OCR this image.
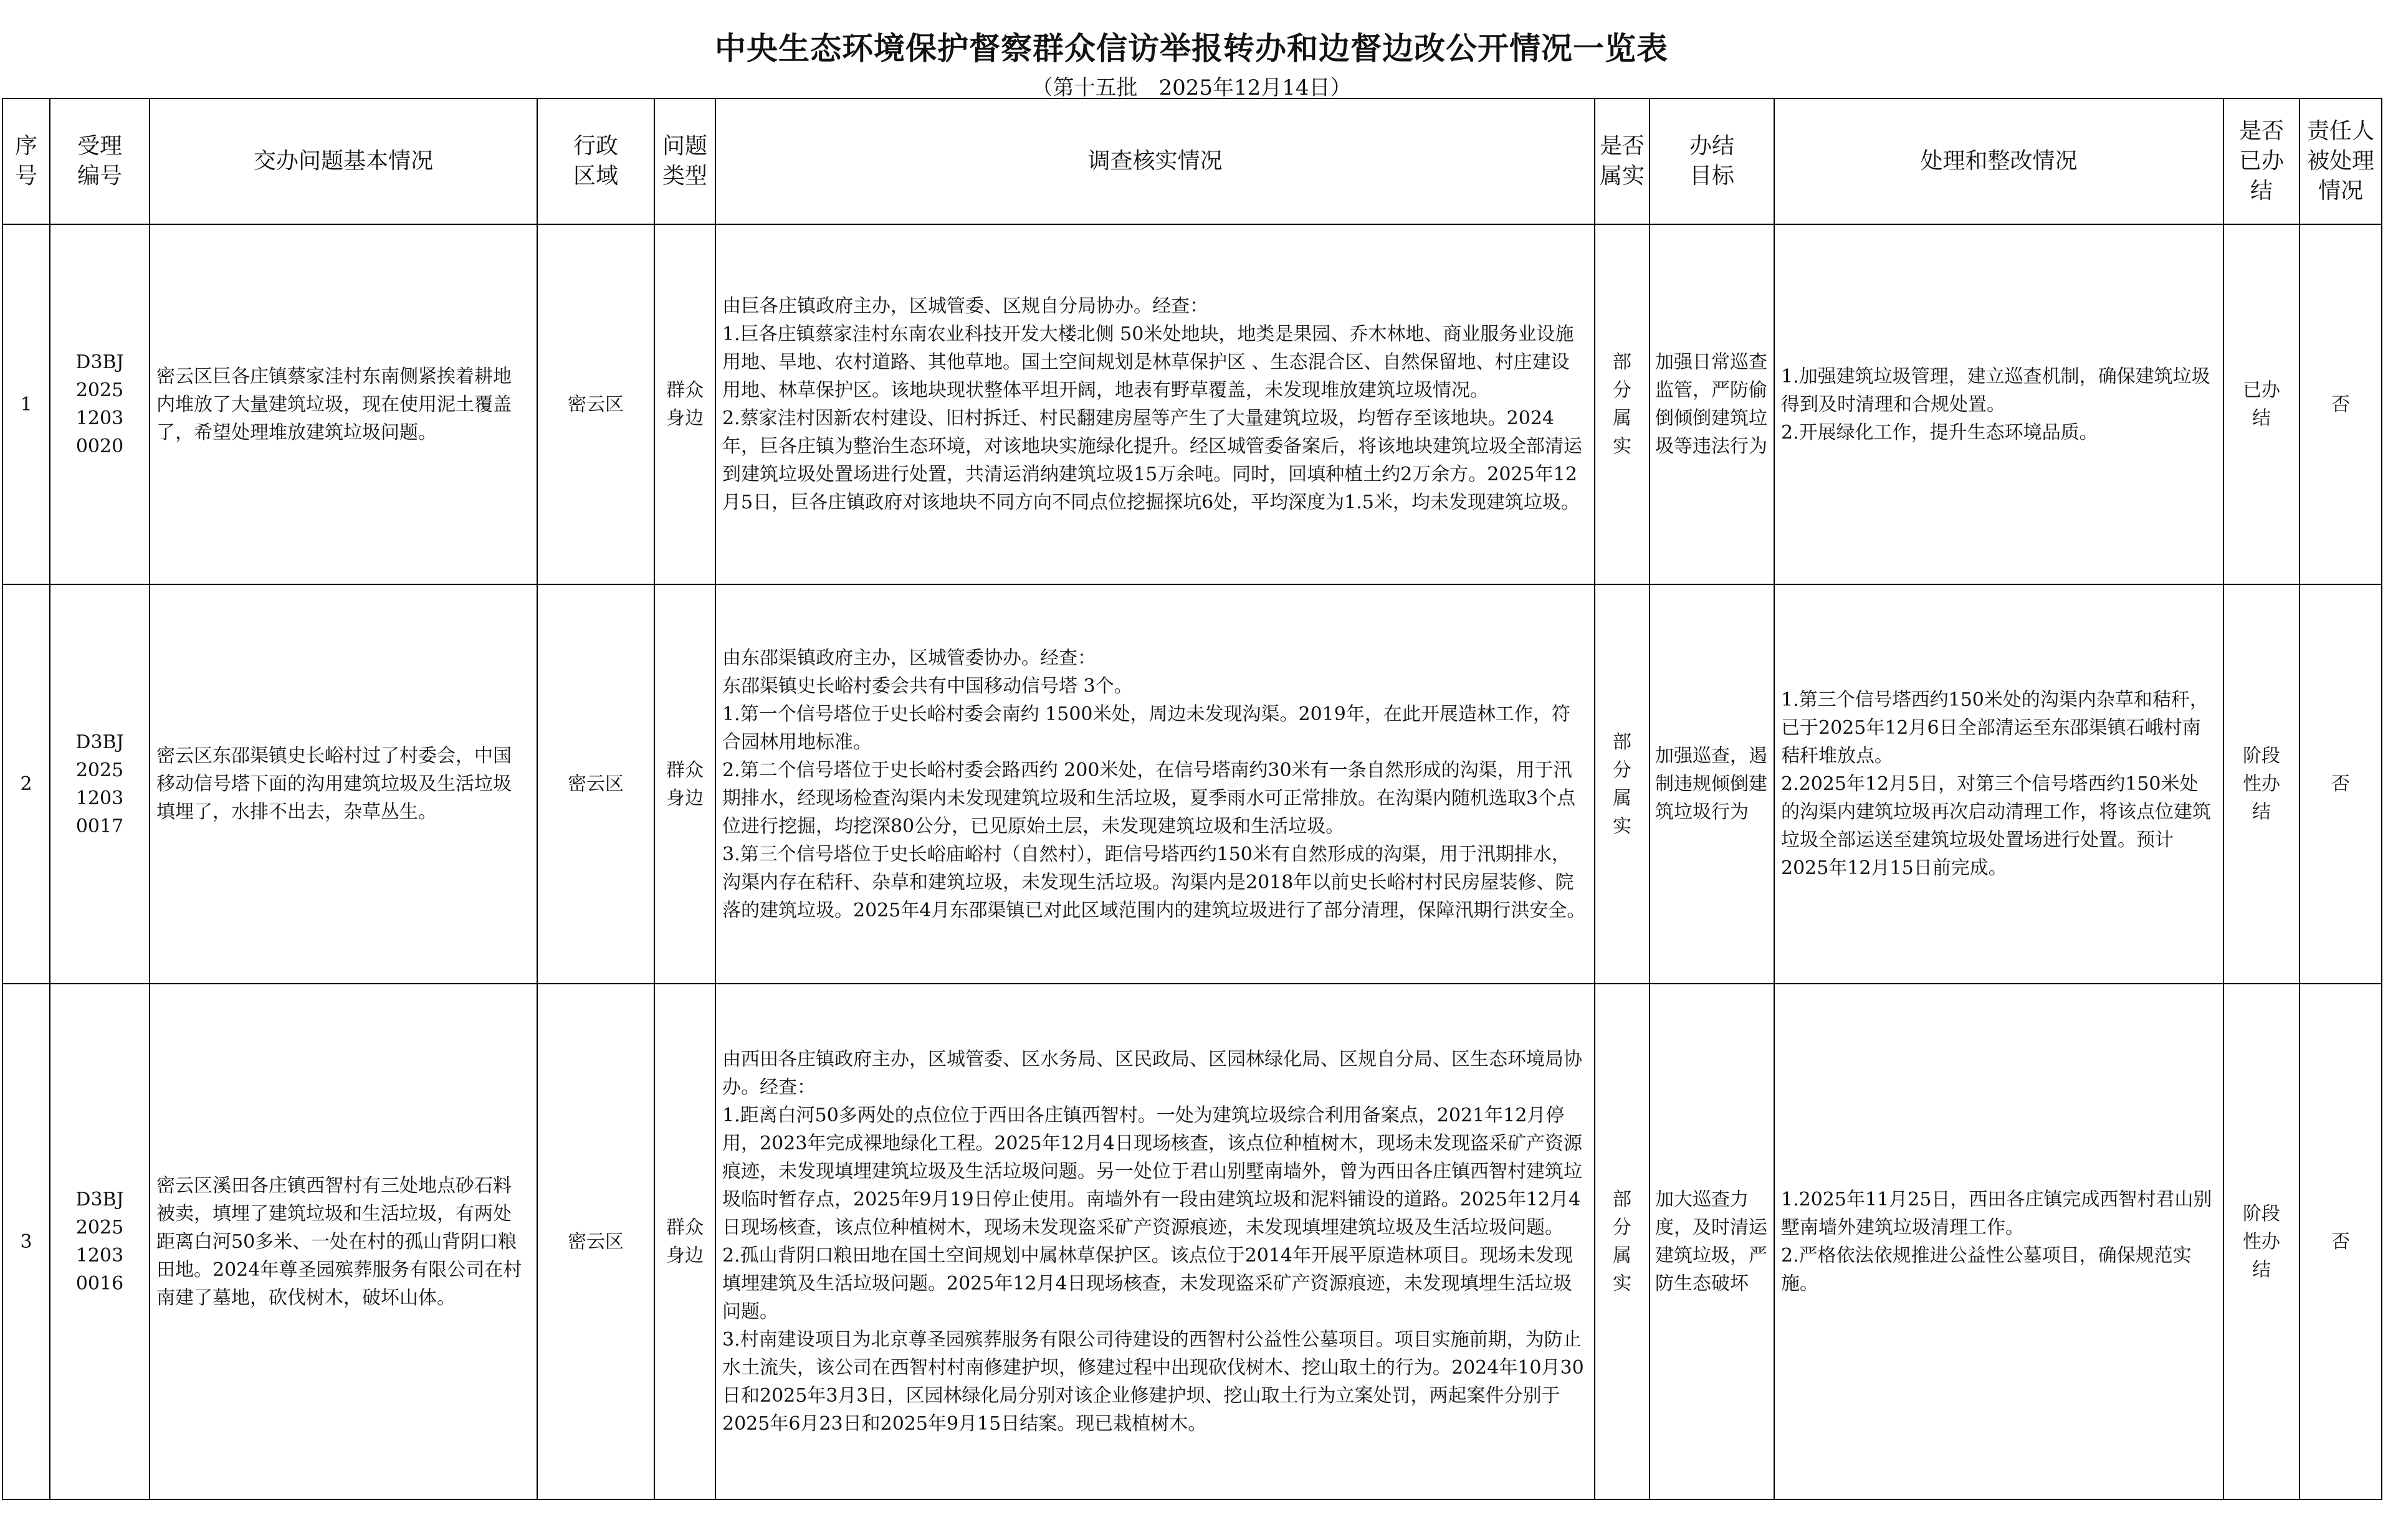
中央生态环境保护督察群众信访举报转办和边督边改公开情况一览表
（第十五批　2025年12月14日）
序号	受理编号	交办问题基本情况	行政区域	问题类型	调查核实情况	是否属实	办结目标	处理和整改情况	是否已办结	责任人被处理情况
1	D3BJ20251203 0020	密云区巨各庄镇蔡家洼村东南侧紧挨着耕地内堆放了大量建筑垃圾，现在使用泥土覆盖了，希望处理堆放建筑垃圾问题。	密云区	群众身边	由巨各庄镇政府主办，区城管委、区规自分局协办。经查：
1.巨各庄镇蔡家洼村东南农业科技开发大楼北侧 50米处地块，地类是果园、乔木林地、商业服务业设施用地、旱地、农村道路、其他草地。国土空间规划是林草保护区 、生态混合区、自然保留地、村庄建设用地、林草保护区。该地块现状整体平坦开阔，地表有野草覆盖，未发现堆放建筑垃圾情况。
2.蔡家洼村因新农村建设、旧村拆迁、村民翻建房屋等产生了大量建筑垃圾，均暂存至该地块。2024年，巨各庄镇为整治生态环境，对该地块实施绿化提升。经区城管委备案后，将该地块建筑垃圾全部清运到建筑垃圾处置场进行处置，共清运消纳建筑垃圾15万余吨。同时，回填种植土约2万余方。2025年12月5日，巨各庄镇政府对该地块不同方向不同点位挖掘探坑6处，平均深度为1.5米，均未发现建筑垃圾。	部分属实	加强日常巡查监管，严防偷倒倾倒建筑垃圾等违法行为	1.加强建筑垃圾管理，建立巡查机制，确保建筑垃圾得到及时清理和合规处置。
2.开展绿化工作，提升生态环境品质。	已办结	否
2	D3BJ20251203 0017	密云区东邵渠镇史长峪村过了村委会，中国移动信号塔下面的沟用建筑垃圾及生活垃圾填埋了，水排不出去，杂草丛生。	密云区	群众身边	由东邵渠镇政府主办，区城管委协办。经查：
东邵渠镇史长峪村委会共有中国移动信号塔 3个。
1.第一个信号塔位于史长峪村委会南约 1500米处，周边未发现沟渠。2019年，在此开展造林工作，符合园林用地标准。
2.第二个信号塔位于史长峪村委会路西约 200米处，在信号塔南约30米有一条自然形成的沟渠，用于汛期排水，经现场检查沟渠内未发现建筑垃圾和生活垃圾，夏季雨水可正常排放。在沟渠内随机选取3个点位进行挖掘，均挖深80公分，已见原始土层，未发现建筑垃圾和生活垃圾。
3.第三个信号塔位于史长峪庙峪村（自然村），距信号塔西约150米有自然形成的沟渠，用于汛期排水，沟渠内存在秸秆、杂草和建筑垃圾，未发现生活垃圾。沟渠内是2018年以前史长峪村村民房屋装修、院落的建筑垃圾。2025年4月东邵渠镇已对此区域范围内的建筑垃圾进行了部分清理，保障汛期行洪安全。	部分属实	加强巡查，遏制违规倾倒建筑垃圾行为	1.第三个信号塔西约150米处的沟渠内杂草和秸秆，已于2025年12月6日全部清运至东邵渠镇石峨村南秸秆堆放点。
2.2025年12月5日，对第三个信号塔西约150米处的沟渠内建筑垃圾再次启动清理工作，将该点位建筑垃圾全部运送至建筑垃圾处置场进行处置。预计2025年12月15日前完成。	阶段性办结	否
3	D3BJ20251203 0016	密云区溪田各庄镇西智村有三处地点砂石料被卖，填埋了建筑垃圾和生活垃圾，有两处距离白河50多米、一处在村的孤山背阴口粮田地。2024年尊圣园殡葬服务有限公司在村南建了墓地，砍伐树木，破坏山体。	密云区	群众身边	由西田各庄镇政府主办，区城管委、区水务局、区民政局、区园林绿化局、区规自分局、区生态环境局协办。经查：
1.距离白河50多两处的点位位于西田各庄镇西智村。一处为建筑垃圾综合利用备案点，2021年12月停用，2023年完成裸地绿化工程。2025年12月4日现场核查，该点位种植树木，现场未发现盗采矿产资源痕迹，未发现填埋建筑垃圾及生活垃圾问题。另一处位于君山别墅南墙外，曾为西田各庄镇西智村建筑垃圾临时暂存点，2025年9月19日停止使用。南墙外有一段由建筑垃圾和泥料铺设的道路。2025年12月4日现场核查，该点位种植树木，现场未发现盗采矿产资源痕迹，未发现填埋建筑垃圾及生活垃圾问题。
2.孤山背阴口粮田地在国土空间规划中属林草保护区。该点位于2014年开展平原造林项目。现场未发现填埋建筑及生活垃圾问题。2025年12月4日现场核查，未发现盗采矿产资源痕迹，未发现填埋生活垃圾问题。
3.村南建设项目为北京尊圣园殡葬服务有限公司待建设的西智村公益性公墓项目。项目实施前期，为防止水土流失，该公司在西智村村南修建护坝，修建过程中出现砍伐树木、挖山取土的行为。2024年10月30日和2025年3月3日，区园林绿化局分别对该企业修建护坝、挖山取土行为立案处罚，两起案件分别于2025年6月23日和2025年9月15日结案。现已栽植树木。	部分属实	加大巡查力度，及时清运建筑垃圾，严防生态破坏	1.2025年11月25日，西田各庄镇完成西智村君山别墅南墙外建筑垃圾清理工作。
2.严格依法依规推进公益性公墓项目，确保规范实施。	阶段性办结	否
